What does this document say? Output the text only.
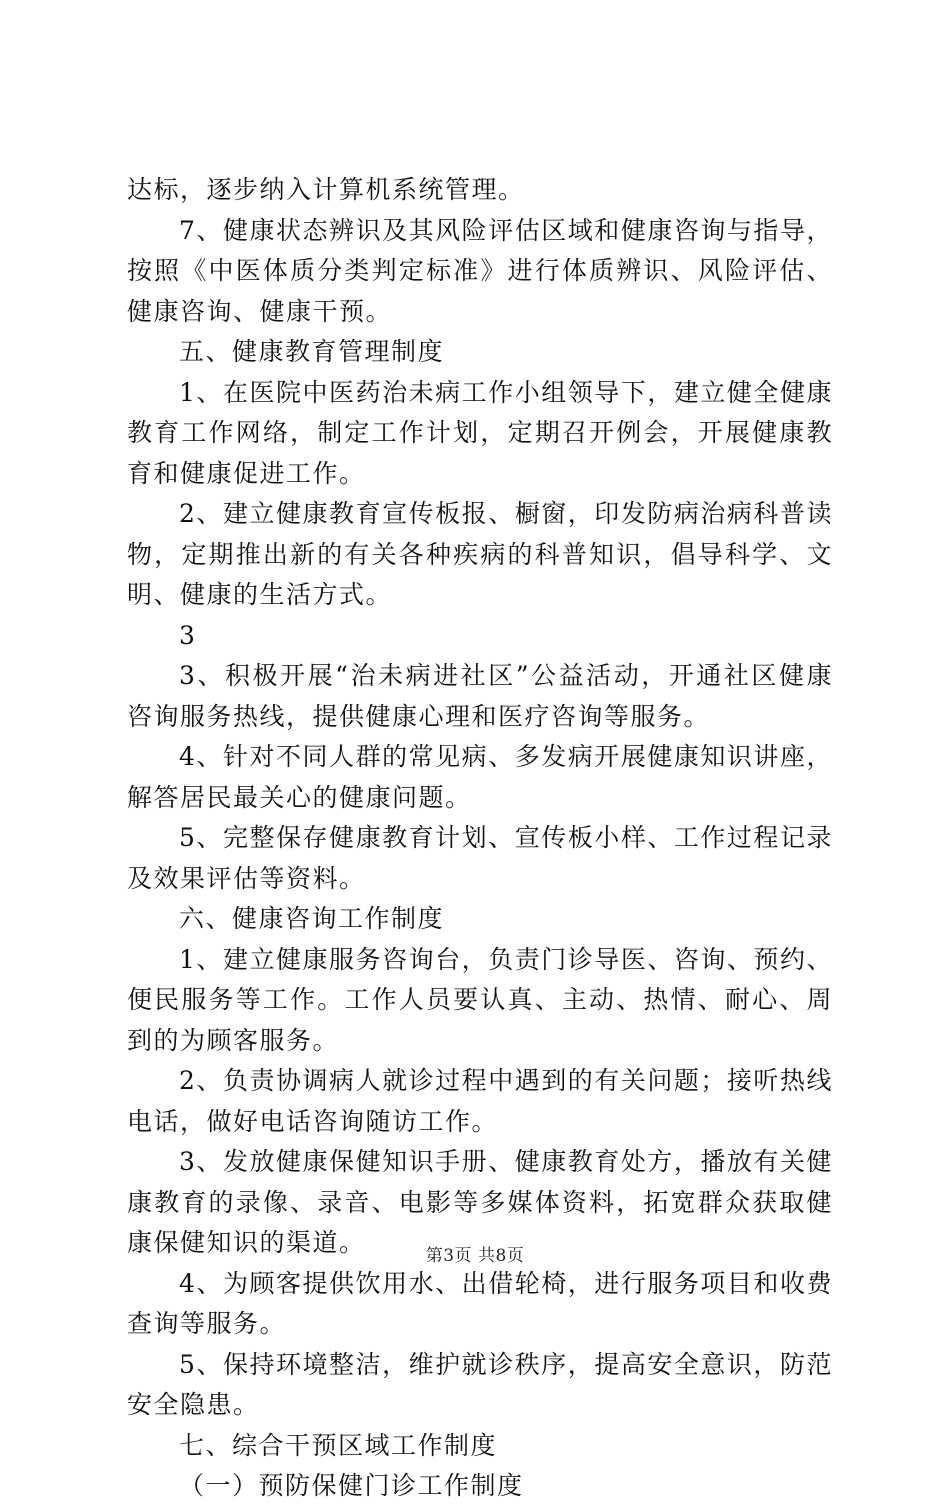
达标，逐步纳入计算机系统管理。

7、健康状态辨识及其风险评估区域和健康咨询与指导，按照《中医体质分类判定标准》进行体质辨识、风险评估、健康咨询、健康干预。

五、健康教育管理制度

1、在医院中医药治未病工作小组领导下，建立健全健康教育工作网络，制定工作计划，定期召开例会，开展健康教育和健康促进工作。

2、建立健康教育宣传板报、橱窗，印发防病治病科普读物，定期推出新的有关各种疾病的科普知识，倡导科学、文明、健康的生活方式。

3

3、积极开展“治未病进社区”公益活动，开通社区健康咨询服务热线，提供健康心理和医疗咨询等服务。

4、针对不同人群的常见病、多发病开展健康知识讲座，解答居民最关心的健康问题。

5、完整保存健康教育计划、宣传板小样、工作过程记录及效果评估等资料。

六、健康咨询工作制度

1、建立健康服务咨询台，负责门诊导医、咨询、预约、便民服务等工作。工作人员要认真、主动、热情、耐心、周到的为顾客服务。

2、负责协调病人就诊过程中遇到的有关问题；接听热线电话，做好电话咨询随访工作。

3、发放健康保健知识手册、健康教育处方，播放有关健康教育的录像、录音、电影等多媒体资料，拓宽群众获取健康保健知识的渠道。

4、为顾客提供饮用水、出借轮椅，进行服务项目和收费查询等服务。

5、保持环境整洁，维护就诊秩序，提高安全意识，防范安全隐患。

七、综合干预区域工作制度

（一）预防保健门诊工作制度

第3页 共8页
